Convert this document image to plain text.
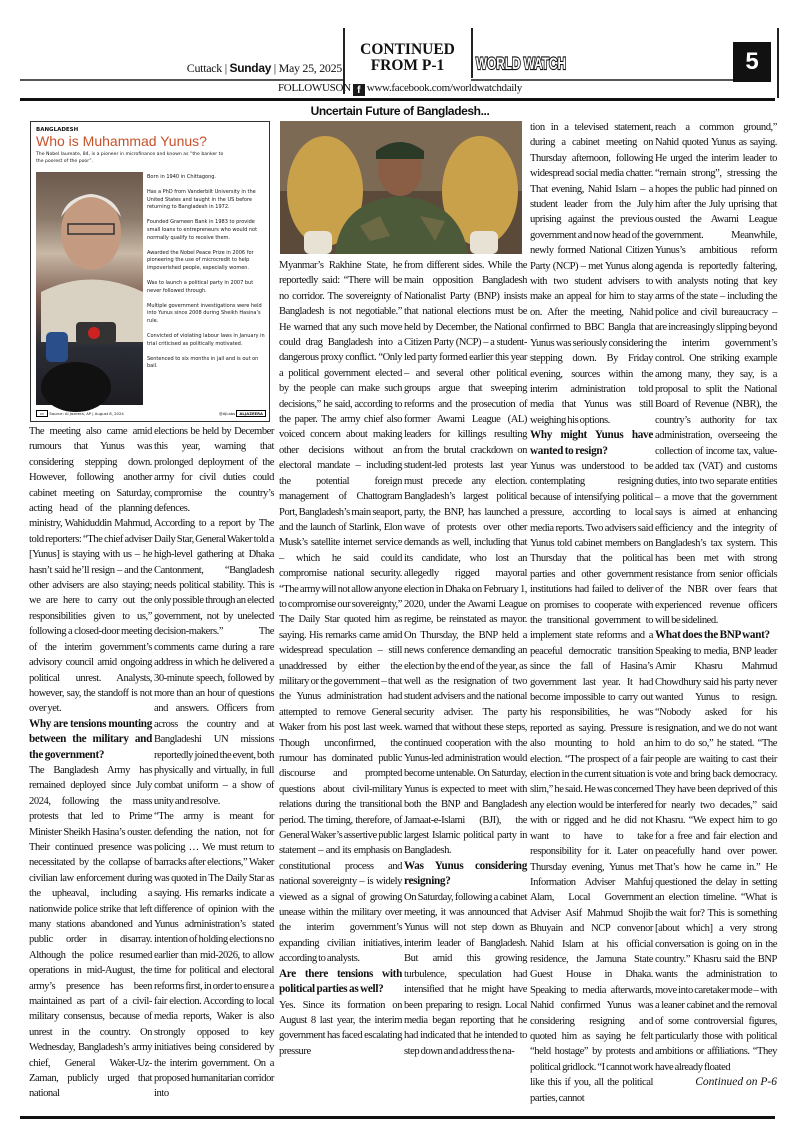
Cuttack | Sunday | May 25, 2025
CONTINUED
FROM P-1	WORLD WATCH	5
FOLLOWUSON f www.facebook.com/worldwatchdaily
Uncertain Future of Bangladesh...
BANGLADESH
Who is Muhammad Yunus?
The Nobel laureate, 84, is a pioneer in microfinance and known as “the banker to the poorest of the poor”.
Born in 1940 in Chittagong.
Has a PhD from Vanderbilt University in the United States and taught in the US before returning to Bangladesh in 1972.
Founded Grameen Bank in 1983 to provide small loans to entrepreneurs who would not normally qualify to receive them.
Awarded the Nobel Peace Prize in 2006 for pioneering the use of microcredit to help impoverished people, especially women.
Was to launch a political party in 2007 but never followed through.
Multiple government investigations were held into Yunus since 2008 during Sheikh Hasina’s rule.
Convicted of violating labour laws in January in trial criticised as politically motivated.
Sentenced to six months in jail and is out on bail.
cc Source: Al Jazeera, AP | August 8, 2024	@AJLabs ALJAZEERA

The meeting also came amid rumours that Yunus was considering stepping down. However, following another cabinet meeting on Saturday, acting head of the planning ministry, Wahiduddin Mahmud, told reporters: “The chief adviser [Yunus] is staying with us – he hasn’t said he’ll resign – and the other advisers are also staying; we are here to carry out the responsibilities given to us,” following a closed-door meeting of the interim government’s advisory council amid ongoing political unrest. Analysts, however, say, the standoff is not over yet.

Why are tensions mounting between the military and the government?

The Bangladesh Army has remained deployed since July 2024, following the mass protests that led to Prime Minister Sheikh Hasina’s ouster. Their continued presence was necessitated by the collapse of civilian law enforcement during the upheaval, including a nationwide police strike that left many stations abandoned and public order in disarray. Although the police resumed operations in mid-August, the army’s presence has been maintained as part of a civil-military consensus, because of unrest in the country. On Wednesday, Bangladesh’s army chief, General Waker-Uz-Zaman, publicly urged that national

elections be held by December this year, warning that prolonged deployment of the army for civil duties could compromise the country’s defences.

According to a report by The Daily Star, General Waker told a high-level gathering at Dhaka Cantonment, “Bangladesh needs political stability. This is only possible through an elected government, not by unelected decision-makers.” The comments came during a rare address in which he delivered a 30-minute speech, followed by more than an hour of questions and answers. Officers from across the country and at Bangladeshi UN missions reportedly joined the event, both physically and virtually, in full combat uniform – a show of unity and resolve.

“The army is meant for defending the nation, not for policing … We must return to barracks after elections,” Waker was quoted in The Daily Star as saying. His remarks indicate a difference of opinion with the Yunus administration’s stated intention of holding elections no earlier than mid-2026, to allow time for political and electoral reforms first, in order to ensure a fair election. According to local media reports, Waker is also strongly opposed to key initiatives being considered by the interim government. On a proposed humanitarian corridor into

Myanmar’s Rakhine State, he reportedly said: “There will be no corridor. The sovereignty of Bangladesh is not negotiable.” He warned that any such move could drag Bangladesh into a dangerous proxy conflict. “Only a political government elected by the people can make such decisions,” he said, according to the paper. The army chief also voiced concern about making other decisions without an electoral mandate – including the potential foreign management of Chattogram Port, Bangladesh’s main seaport, and the launch of Starlink, Elon Musk’s satellite internet service – which he said could compromise national security. “The army will not allow anyone to compromise our sovereignty,” The Daily Star quoted him as saying. His remarks came amid widespread speculation – still unaddressed by either the military or the government – that the Yunus administration had attempted to remove General Waker from his post last week. Though unconfirmed, the rumour has dominated public discourse and prompted questions about civil-military relations during the transitional period. The timing, therefore, of General Waker’s assertive public statement – and its emphasis on constitutional process and national sovereignty – is widely viewed as a signal of growing unease within the military over the interim government’s expanding civilian initiatives, according to analysts.

Are there tensions with political parties as well?

Yes. Since its formation on August 8 last year, the interim government has faced escalating pressure

from different sides. While the main opposition Bangladesh Nationalist Party (BNP) insists that national elections must be held by December, the National Citizen Party (NCP) – a student-led party formed earlier this year – and several other political groups argue that sweeping reforms and the prosecution of former Awami League (AL) leaders for killings resulting from the brutal crackdown on student-led protests last year must precede any election. Bangladesh’s largest political party, the BNP, has launched a wave of protests over other demands as well, including that its candidate, who lost an allegedly rigged mayoral election in Dhaka on February 1, 2020, under the Awami League regime, be reinstated as mayor. On Thursday, the BNP held a news conference demanding an election by the end of the year, as well as the resignation of two student advisers and the national security adviser. The party warned that without these steps, continued cooperation with the Yunus-led administration would become untenable. On Saturday, Yunus is expected to meet with both the BNP and Bangladesh Jamaat-e-Islami (BJI), the largest Islamic political party in Bangladesh.

Was Yunus considering resigning?

On Saturday, following a cabinet meeting, it was announced that Yunus will not step down as interim leader of Bangladesh. But amid this growing turbulence, speculation had intensified that he might have been preparing to resign. Local media began reporting that he had indicated that he intended to step down and address the na-

tion in a televised statement, during a cabinet meeting on Thursday afternoon, following widespread social media chatter. That evening, Nahid Islam – a student leader from the July uprising against the previous government and now head of the newly formed National Citizen Party (NCP) – met Yunus along with two student advisers to make an appeal for him to stay on. After the meeting, Nahid confirmed to BBC Bangla that Yunus was seriously considering stepping down. By Friday evening, sources within the interim administration told media that Yunus was still weighing his options.

Why might Yunus have wanted to resign?

Yunus was understood to be contemplating resigning because of intensifying political pressure, according to local media reports. Two advisers said Yunus told cabinet members on Thursday that the political parties and other government institutions had failed to deliver on promises to cooperate with the transitional government to implement state reforms and a peaceful democratic transition since the fall of Hasina’s government last year. It had become impossible to carry out his responsibilities, he was reported as saying. Pressure is also mounting to hold an election. “The prospect of a fair election in the current situation is slim,” he said. He was concerned any election would be interfered with or rigged and he did not want to have to take responsibility for it. Later on Thursday evening, Yunus met Information Adviser Mahfuj Alam, Local Government Adviser Asif Mahmud Shojib Bhuyain and NCP convenor Nahid Islam at his official residence, the Jamuna State Guest House in Dhaka. Speaking to media afterwards, Nahid confirmed Yunus was considering resigning and quoted him as saying he felt “held hostage” by protests and political gridlock. “I cannot work like this if you, all the political parties, cannot

reach a common ground,” Nahid quoted Yunus as saying. He urged the interim leader to “remain strong”, stressing the hopes the public had pinned on him after the July uprising that ousted the Awami League government. Meanwhile, Yunus’s ambitious reform agenda is reportedly faltering, with analysts noting that key arms of the state – including the police and civil bureaucracy – are increasingly slipping beyond the interim government’s control. One striking example among many, they say, is a proposal to split the National Board of Revenue (NBR), the country’s authority for tax administration, overseeing the collection of income tax, value-added tax (VAT) and customs duties, into two separate entities – a move that the government says is aimed at enhancing efficiency and the integrity of Bangladesh’s tax system. This has been met with strong resistance from senior officials of the NBR over fears that experienced revenue officers will be sidelined.

What does the BNP want?

Speaking to media, BNP leader Amir Khasru Mahmud Chowdhury said his party never wanted Yunus to resign. “Nobody asked for his resignation, and we do not want him to do so,” he stated. “The people are waiting to cast their vote and bring back democracy. They have been deprived of this for nearly two decades,” said Khasru. “We expect him to go for a free and fair election and peacefully hand over power. That’s how he came in.” He questioned the delay in setting an election timeline. “What is the wait for? This is something [about which] a very strong conversation is going on in the country.” Khasru said the BNP wants the administration to move into caretaker mode – with a leaner cabinet and the removal of some controversial figures, particularly those with political ambitions or affiliations. “They have already floated

Continued on P-6
